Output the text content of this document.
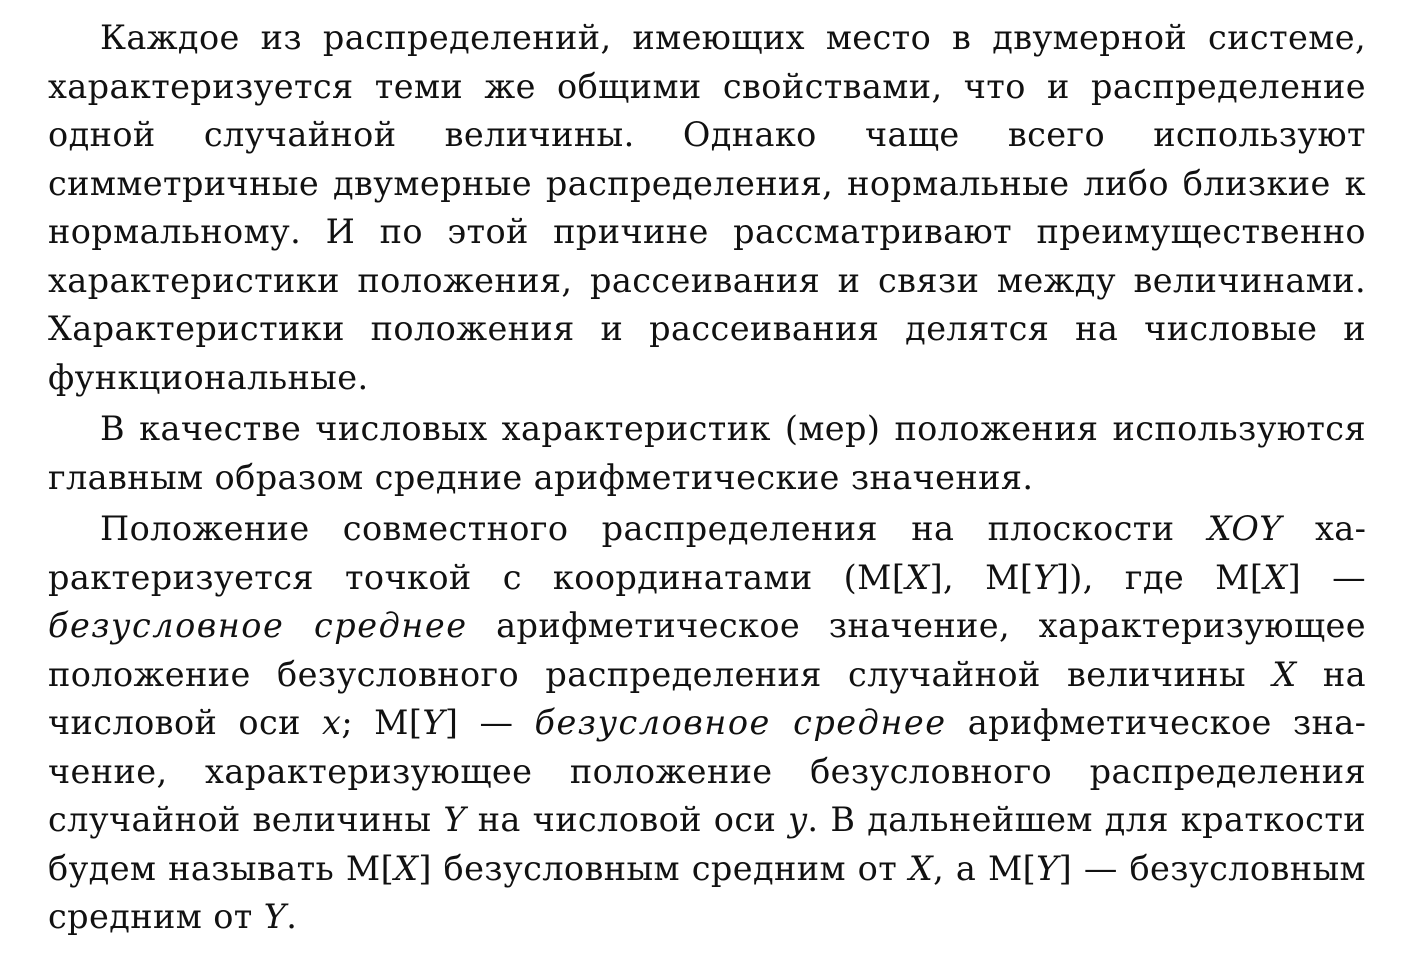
Каждое из распределений, имеющих место в двумерной системе, характеризуется теми же общими свойствами, что и распределение одной случайной величины. Однако чаще всего используют симметричные двумерные распределения, нормальные либо близкие к нормальному. И по этой причине рассматривают преимущественно характеристики положения, рассеивания и связи между величинами. Характеристики положения и рассеивания делятся на числовые и функциональные.

В качестве числовых характеристик (мер) положения используются главным образом средние арифметические значения.

Положение совместного распределения на плоскости XOY характеризуется точкой с координатами (M[X], M[Y]), где M[X] — безусловное среднее арифметическое значение, характеризующее положение безусловного распределения случайной величины X на числовой оси x; M[Y] — безусловное среднее арифметическое значение, характеризующее положение безусловного распределения случайной величины Y на числовой оси y. В дальнейшем для краткости будем называть M[X] безусловным средним от X, а M[Y] — безусловным средним от Y.
